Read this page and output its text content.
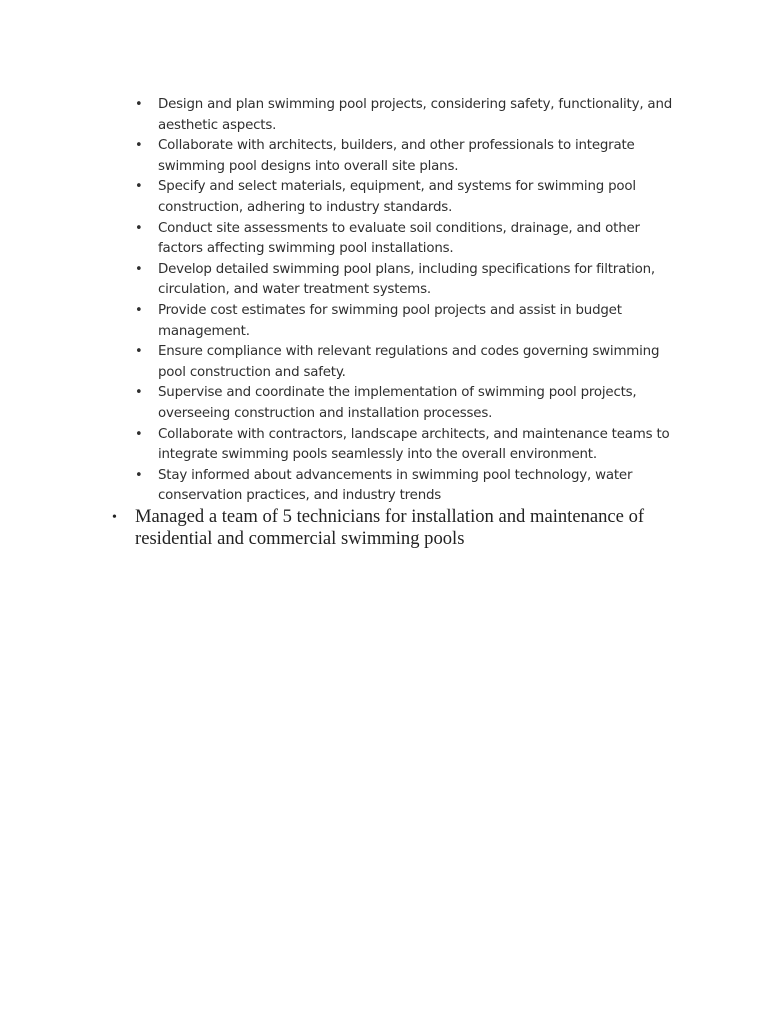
• Design and plan swimming pool projects, considering safety, functionality, and aesthetic aspects.
• Collaborate with architects, builders, and other professionals to integrate swimming pool designs into overall site plans.
• Specify and select materials, equipment, and systems for swimming pool construction, adhering to industry standards.
• Conduct site assessments to evaluate soil conditions, drainage, and other factors affecting swimming pool installations.
• Develop detailed swimming pool plans, including specifications for filtration, circulation, and water treatment systems.
• Provide cost estimates for swimming pool projects and assist in budget management.
• Ensure compliance with relevant regulations and codes governing swimming pool construction and safety.
• Supervise and coordinate the implementation of swimming pool projects, overseeing construction and installation processes.
• Collaborate with contractors, landscape architects, and maintenance teams to integrate swimming pools seamlessly into the overall environment.
• Stay informed about advancements in swimming pool technology, water conservation practices, and industry trends
• Managed a team of 5 technicians for installation and maintenance of residential and commercial swimming pools
